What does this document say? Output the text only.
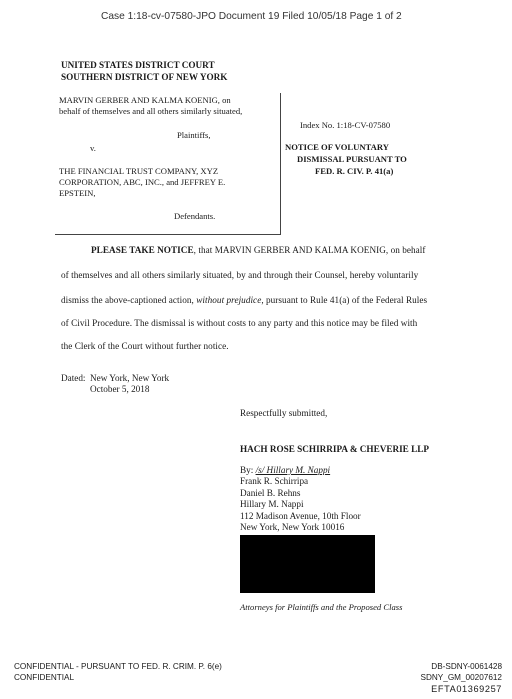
Case 1:18-cv-07580-JPO Document 19 Filed 10/05/18 Page 1 of 2
UNITED STATES DISTRICT COURT
SOUTHERN DISTRICT OF NEW YORK
MARVIN GERBER AND KALMA KOENIG, on
behalf of themselves and all others similarly situated,
Plaintiffs,
v.
THE FINANCIAL TRUST COMPANY, XYZ
CORPORATION, ABC, INC., and JEFFREY E.
EPSTEIN,
Defendants.
Index No. 1:18-CV-07580
NOTICE OF VOLUNTARY
DISMISSAL PURSUANT TO
FED. R. CIV. P. 41(a)
PLEASE TAKE NOTICE, that MARVIN GERBER AND KALMA KOENIG, on behalf
of themselves and all others similarly situated, by and through their Counsel, hereby voluntarily
dismiss the above-captioned action, without prejudice, pursuant to Rule 41(a) of the Federal Rules
of Civil Procedure. The dismissal is without costs to any party and this notice may be filed with
the Clerk of the Court without further notice.
Dated: New York, New York
October 5, 2018
Respectfully submitted,
HACH ROSE SCHIRRIPA & CHEVERIE LLP
By: /s/ Hillary M. Nappi
Frank R. Schirripa
Daniel B. Rehns
Hillary M. Nappi
112 Madison Avenue, 10th Floor
New York, New York 10016
Attorneys for Plaintiffs and the Proposed Class
CONFIDENTIAL - PURSUANT TO FED. R. CRIM. P. 6(e)
CONFIDENTIAL
DB-SDNY-0061428
SDNY_GM_00207612
EFTA01369257
